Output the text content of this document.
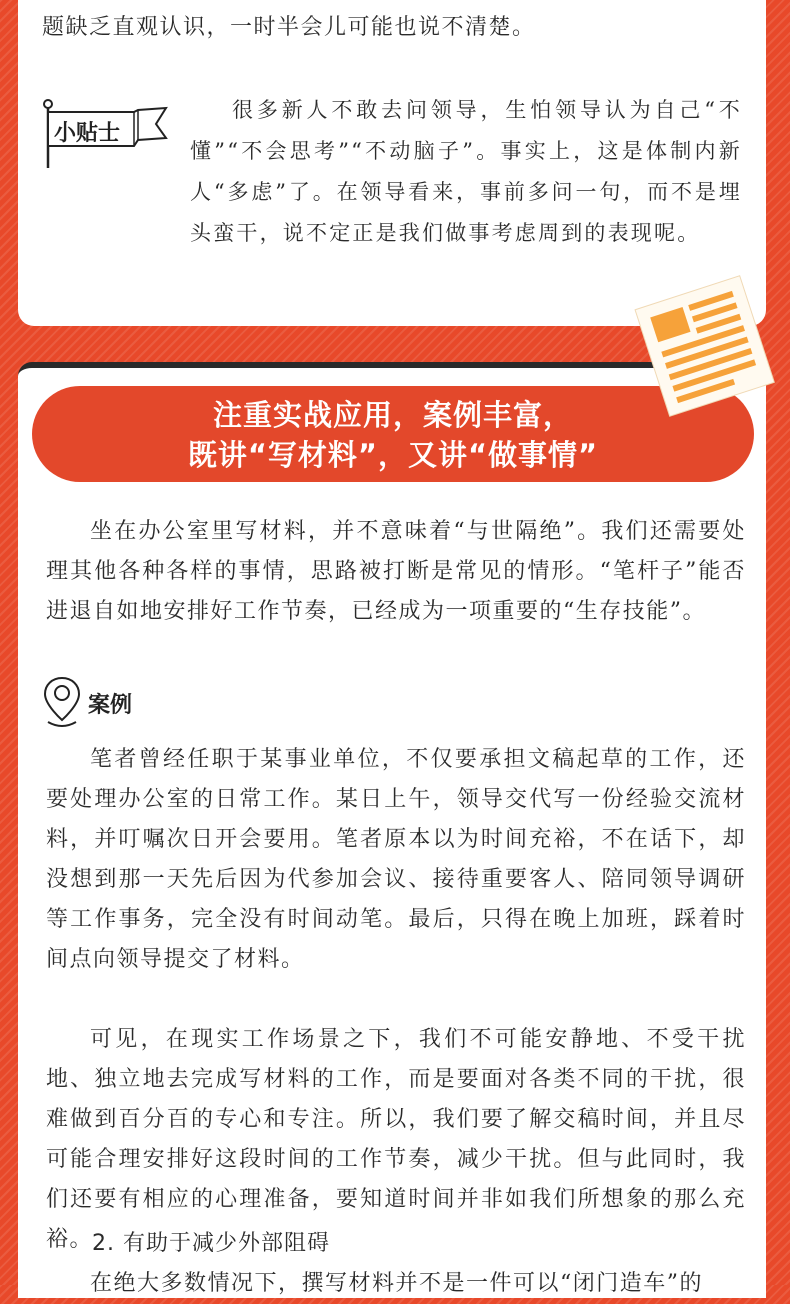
题缺乏直观认识，一时半会儿可能也说不清楚。

小贴士

很多新人不敢去问领导，生怕领导认为自己“不懂”“不会思考”“不动脑子”。事实上，这是体制内新人“多虑”了。在领导看来，事前多问一句，而不是埋头蛮干，说不定正是我们做事考虑周到的表现呢。

注重实战应用，案例丰富，
既讲“写材料”，又讲“做事情”

坐在办公室里写材料，并不意味着“与世隔绝”。我们还需要处理其他各种各样的事情，思路被打断是常见的情形。“笔杆子”能否进退自如地安排好工作节奏，已经成为一项重要的“生存技能”。

案例

笔者曾经任职于某事业单位，不仅要承担文稿起草的工作，还要处理办公室的日常工作。某日上午，领导交代写一份经验交流材料，并叮嘱次日开会要用。笔者原本以为时间充裕，不在话下，却没想到那一天先后因为代参加会议、接待重要客人、陪同领导调研等工作事务，完全没有时间动笔。最后，只得在晚上加班，踩着时间点向领导提交了材料。

可见，在现实工作场景之下，我们不可能安静地、不受干扰地、独立地去完成写材料的工作，而是要面对各类不同的干扰，很难做到百分百的专心和专注。所以，我们要了解交稿时间，并且尽可能合理安排好这段时间的工作节奏，减少干扰。但与此同时，我们还要有相应的心理准备，要知道时间并非如我们所想象的那么充裕。

2. 有助于减少外部阻碍

在绝大多数情况下，撰写材料并不是一件可以“闭门造车”的
